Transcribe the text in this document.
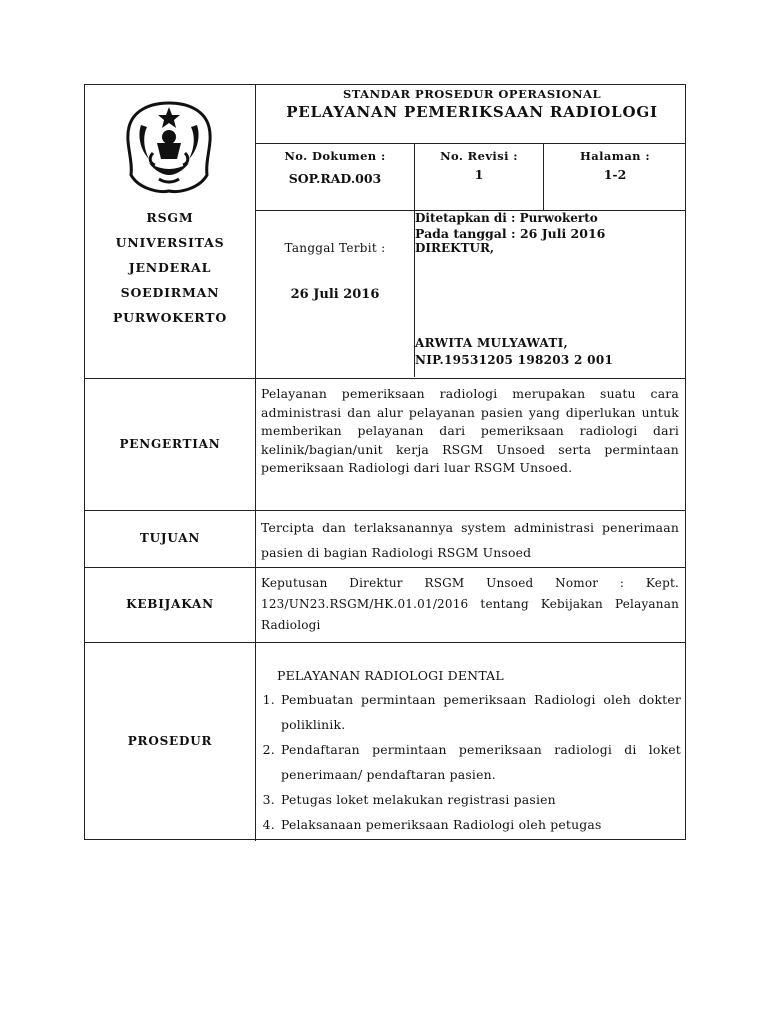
RSGM
UNIVERSITAS
JENDERAL
SOEDIRMAN
PURWOKERTO
STANDAR PROSEDUR OPERASIONAL
PELAYANAN PEMERIKSAAN RADIOLOGI
No. Dokumen :
SOP.RAD.003
No. Revisi :
1
Halaman :
1-2
Tanggal Terbit :
26 Juli 2016
Ditetapkan di : Purwokerto
Pada tanggal : 26 Juli 2016
DIREKTUR,
ARWITA MULYAWATI,
NIP.19531205 198203 2 001
PENGERTIAN
Pelayanan pemeriksaan radiologi merupakan suatu cara administrasi dan alur pelayanan pasien yang diperlukan untuk memberikan pelayanan dari pemeriksaan radiologi dari kelinik/bagian/unit kerja RSGM Unsoed serta permintaan pemeriksaan Radiologi dari luar RSGM Unsoed.
TUJUAN
Tercipta dan terlaksanannya system administrasi penerimaan pasien di bagian Radiologi RSGM Unsoed
KEBIJAKAN
Keputusan Direktur RSGM Unsoed Nomor : Kept. 123/UN23.RSGM/HK.01.01/2016 tentang Kebijakan Pelayanan Radiologi
PROSEDUR
PELAYANAN RADIOLOGI DENTAL
1. Pembuatan permintaan pemeriksaan Radiologi oleh dokter poliklinik.
2. Pendaftaran permintaan pemeriksaan radiologi di loket penerimaan/ pendaftaran pasien.
3. Petugas loket melakukan registrasi pasien
4. Pelaksanaan pemeriksaan Radiologi oleh petugas
